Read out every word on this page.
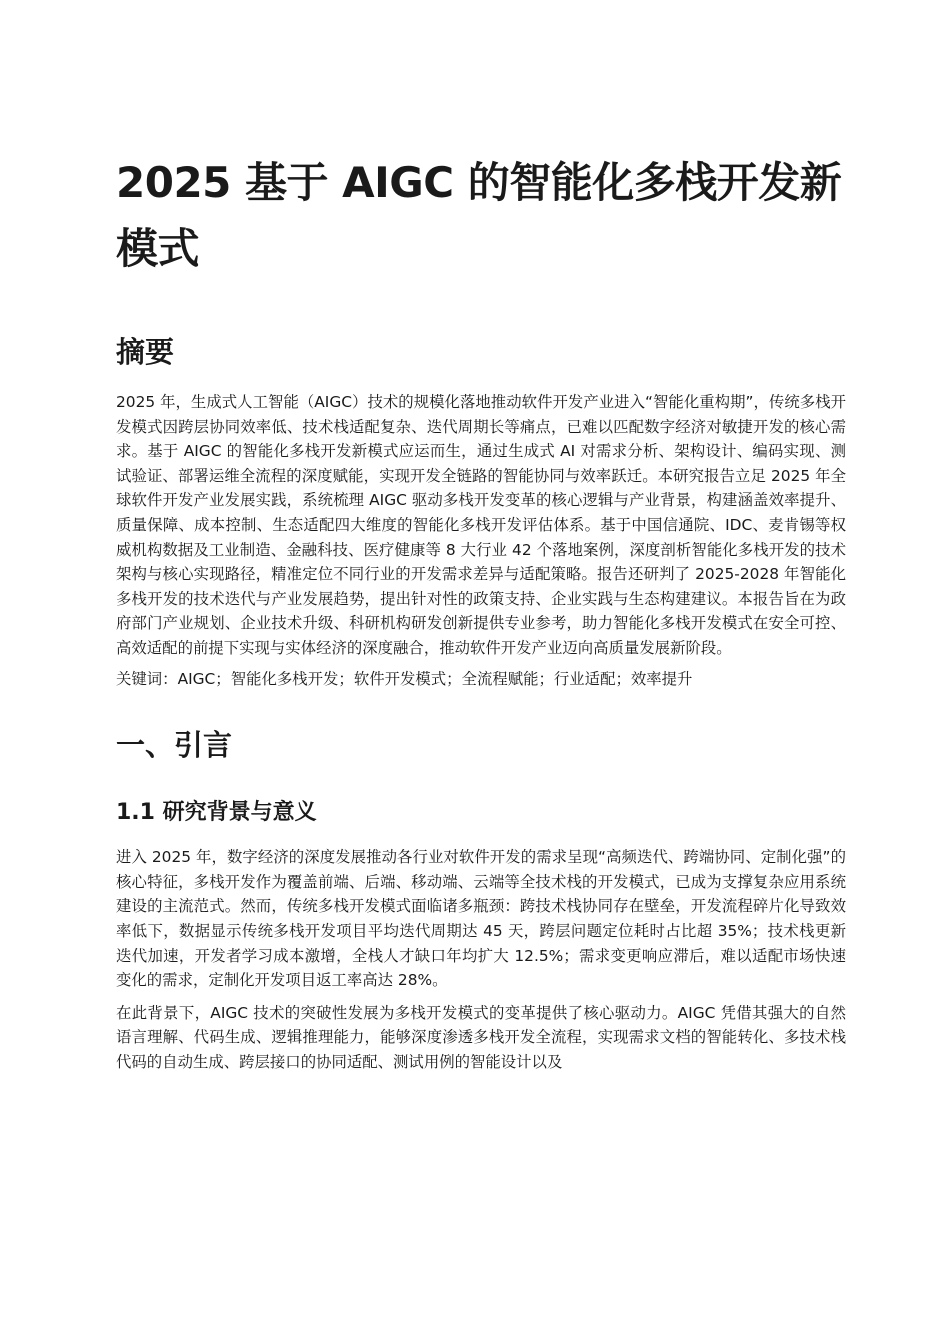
2025 基于 AIGC 的智能化多栈开发新模式
摘要

2025 年，生成式人工智能（AIGC）技术的规模化落地推动软件开发产业进入“智能化重构期”，传统多栈开发模式因跨层协同效率低、技术栈适配复杂、迭代周期长等痛点，已难以匹配数字经济对敏捷开发的核心需求。基于 AIGC 的智能化多栈开发新模式应运而生，通过生成式 AI 对需求分析、架构设计、编码实现、测试验证、部署运维全流程的深度赋能，实现开发全链路的智能协同与效率跃迁。本研究报告立足 2025 年全球软件开发产业发展实践，系统梳理 AIGC 驱动多栈开发变革的核心逻辑与产业背景，构建涵盖效率提升、质量保障、成本控制、生态适配四大维度的智能化多栈开发评估体系。基于中国信通院、IDC、麦肯锡等权威机构数据及工业制造、金融科技、医疗健康等 8 大行业 42 个落地案例，深度剖析智能化多栈开发的技术架构与核心实现路径，精准定位不同行业的开发需求差异与适配策略。报告还研判了 2025-2028 年智能化多栈开发的技术迭代与产业发展趋势，提出针对性的政策支持、企业实践与生态构建建议。本报告旨在为政府部门产业规划、企业技术升级、科研机构研发创新提供专业参考，助力智能化多栈开发模式在安全可控、高效适配的前提下实现与实体经济的深度融合，推动软件开发产业迈向高质量发展新阶段。

关键词：AIGC；智能化多栈开发；软件开发模式；全流程赋能；行业适配；效率提升

一、引言
1.1 研究背景与意义

进入 2025 年，数字经济的深度发展推动各行业对软件开发的需求呈现“高频迭代、跨端协同、定制化强”的核心特征，多栈开发作为覆盖前端、后端、移动端、云端等全技术栈的开发模式，已成为支撑复杂应用系统建设的主流范式。然而，传统多栈开发模式面临诸多瓶颈：跨技术栈协同存在壁垒，开发流程碎片化导致效率低下，数据显示传统多栈开发项目平均迭代周期达 45 天，跨层问题定位耗时占比超 35%；技术栈更新迭代加速，开发者学习成本激增，全栈人才缺口年均扩大 12.5%；需求变更响应滞后，难以适配市场快速变化的需求，定制化开发项目返工率高达 28%。

在此背景下，AIGC 技术的突破性发展为多栈开发模式的变革提供了核心驱动力。AIGC 凭借其强大的自然语言理解、代码生成、逻辑推理能力，能够深度渗透多栈开发全流程，实现需求文档的智能转化、多技术栈代码的自动生成、跨层接口的协同适配、测试用例的智能设计以及
